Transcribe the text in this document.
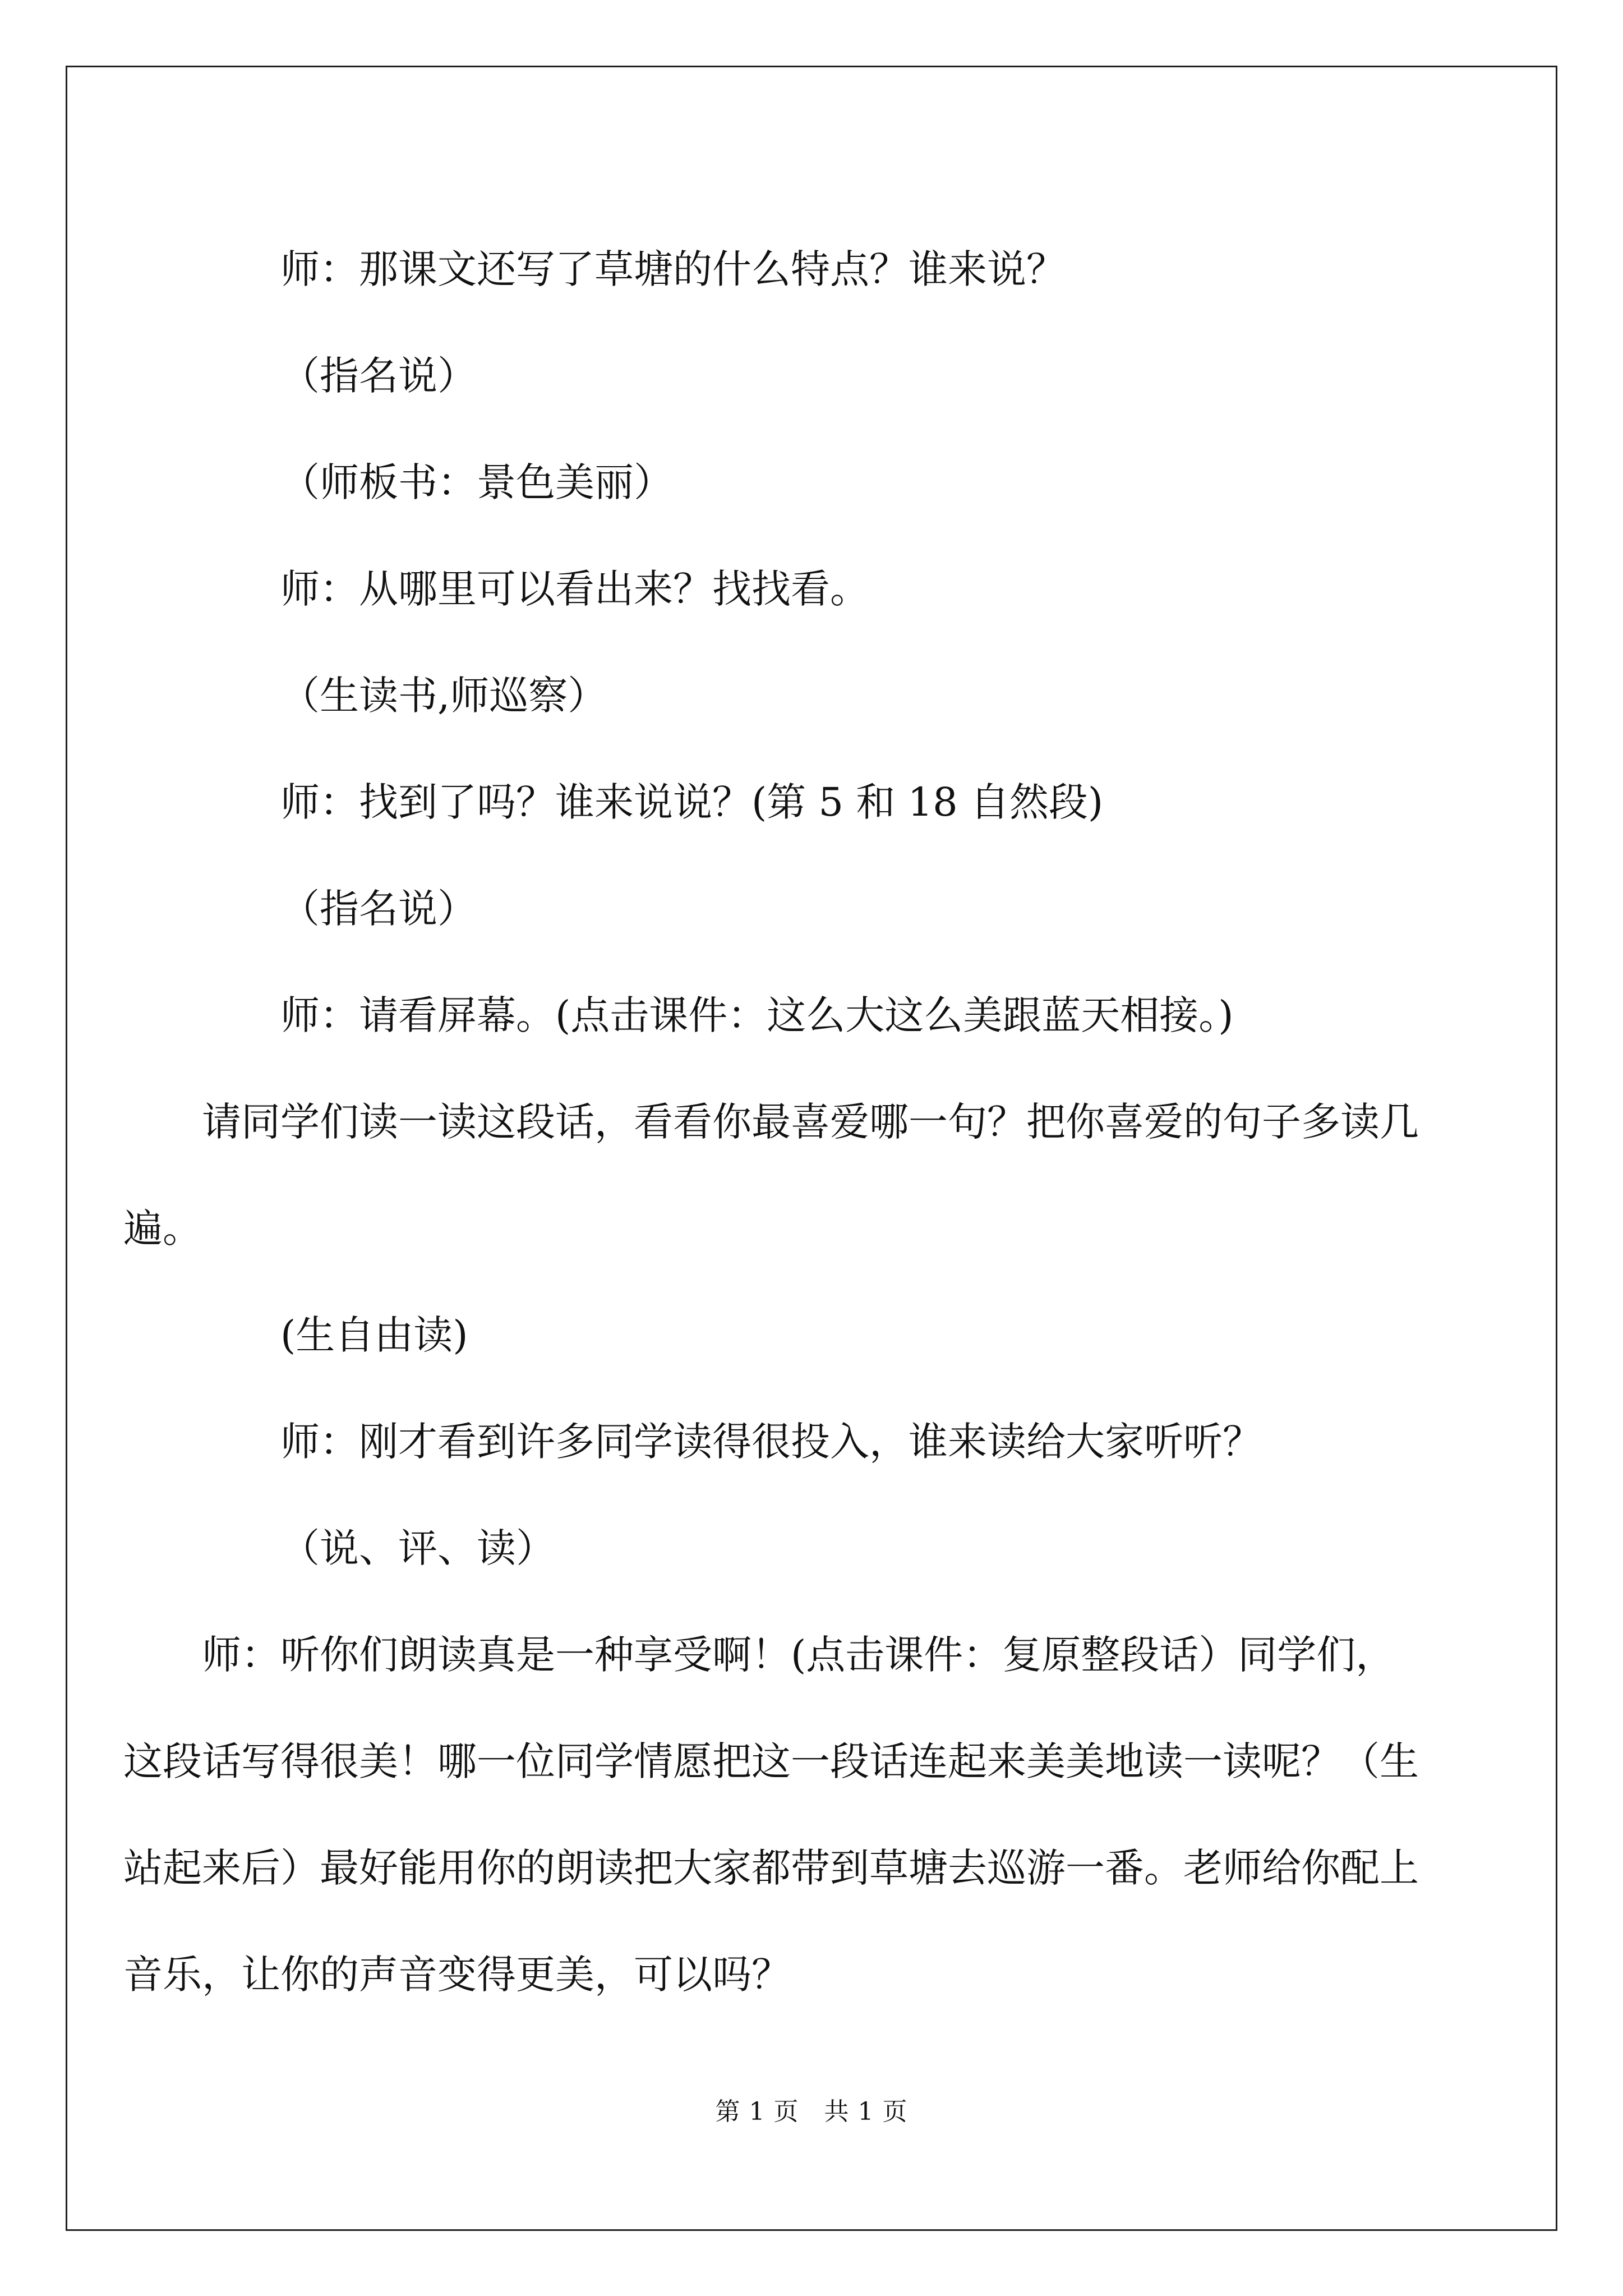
师：那课文还写了草塘的什么特点？谁来说？

（指名说）

（师板书：景色美丽）

师：从哪里可以看出来？找找看。

（生读书,师巡察）

师：找到了吗？谁来说说？(第 5 和 18 自然段)

（指名说）

师：请看屏幕。(点击课件：这么大这么美跟蓝天相接。)

请同学们读一读这段话，看看你最喜爱哪一句？把你喜爱的句子多读几遍。

(生自由读)

师：刚才看到许多同学读得很投入，谁来读给大家听听？

（说、评、读）

师：听你们朗读真是一种享受啊！(点击课件：复原整段话）同学们，这段话写得很美！哪一位同学情愿把这一段话连起来美美地读一读呢？（生站起来后）最好能用你的朗读把大家都带到草塘去巡游一番。老师给你配上音乐，让你的声音变得更美，可以吗？

第 1 页　共 1 页
